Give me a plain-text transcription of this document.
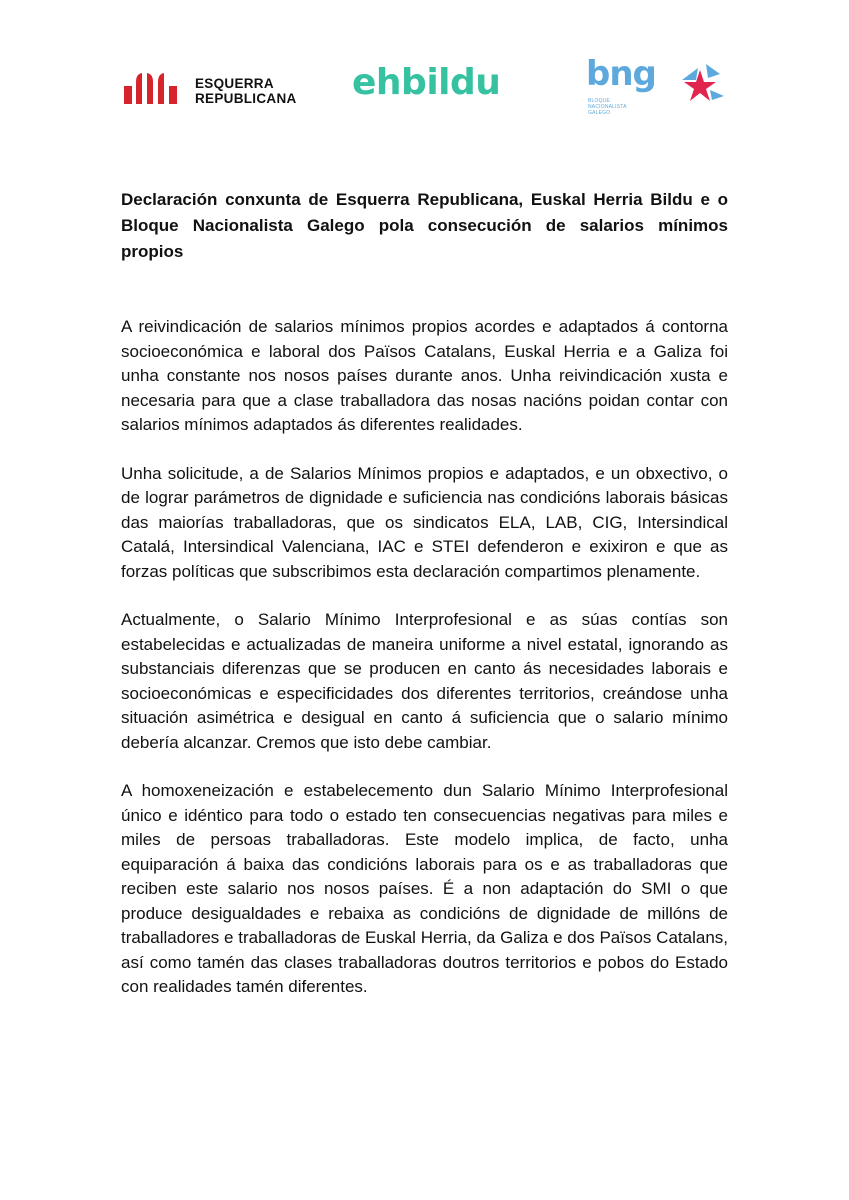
ESQUERRA
REPUBLICANA ehbildu	bng
BLOQUE
NACIONALISTA
GALEGO
Declaración conxunta de Esquerra Republicana, Euskal Herria Bildu e o Bloque Nacionalista Galego pola consecución de salarios mínimos propios

A reivindicación de salarios mínimos propios acordes e adaptados á contorna socioeconómica e laboral dos Països Catalans, Euskal Herria e a Galiza foi unha constante nos nosos países durante anos. Unha reivindicación xusta e necesaria para que a clase traballadora das nosas nacións poidan contar con salarios mínimos adaptados ás diferentes realidades.

Unha solicitude, a de Salarios Mínimos propios e adaptados, e un obxectivo, o de lograr parámetros de dignidade e suficiencia nas condicións laborais básicas das maiorías traballadoras, que os sindicatos ELA, LAB, CIG, Intersindical Catalá, Intersindical Valenciana, IAC e STEI defenderon e exixiron e que as forzas políticas que subscribimos esta declaración compartimos plenamente.

Actualmente, o Salario Mínimo Interprofesional e as súas contías son estabelecidas e actualizadas de maneira uniforme a nivel estatal, ignorando as substanciais diferenzas que se producen en canto ás necesidades laborais e socioeconómicas e especificidades dos diferentes territorios, creándose unha situación asimétrica e desigual en canto á suficiencia que o salario mínimo debería alcanzar. Cremos que isto debe cambiar.

A homoxeneización e estabelecemento dun Salario Mínimo Interprofesional único e idéntico para todo o estado ten consecuencias negativas para miles e miles de persoas traballadoras. Este modelo implica, de facto, unha equiparación á baixa das condicións laborais para os e as traballadoras que reciben este salario nos nosos países. É a non adaptación do SMI o que produce desigualdades e rebaixa as condicións de dignidade de millóns de traballadores e traballadoras de Euskal Herria, da Galiza e dos Països Catalans, así como tamén das clases traballadoras doutros territorios e pobos do Estado con realidades tamén diferentes.
